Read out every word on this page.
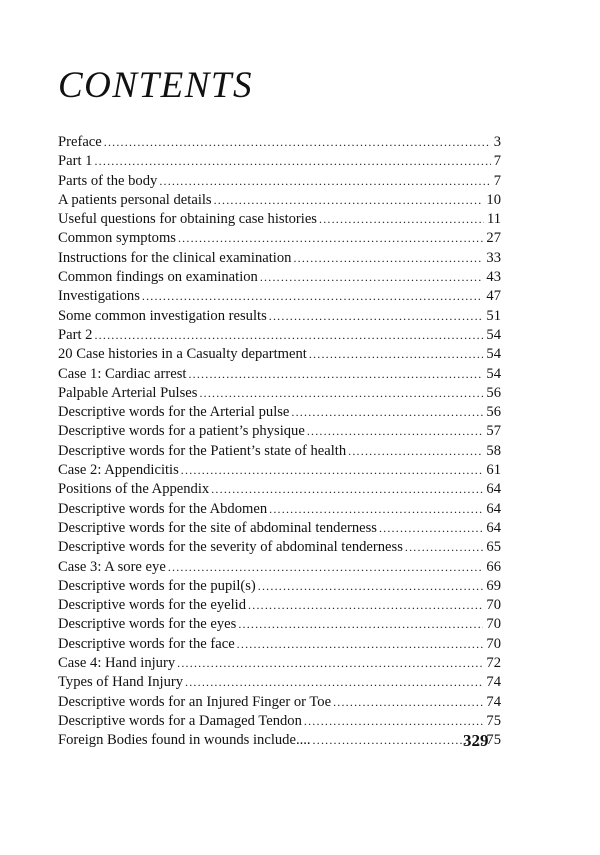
CONTENTS
Preface .....	3
Part 1 .....	7
Parts of the body .....	7
A patients personal details .....	10
Useful questions for obtaining case histories .....	11
Common symptoms .....	27
Instructions for the clinical examination .....	33
Common findings on examination .....	43
Investigations .....	47
Some common investigation results .....	51
Part 2 .....	54
20 Case histories in a Casualty department .....	54
Case 1: Cardiac arrest .....	54
Palpable Arterial Pulses .....	56
Descriptive words for the Arterial pulse .....	56
Descriptive words for a patient’s physique .....	57
Descriptive words for the Patient’s state of health .....	58
Case 2: Appendicitis .....	61
Positions of the Appendix .....	64
Descriptive words for the Abdomen .....	64
Descriptive words for the site of abdominal tenderness .....	64
Descriptive words for the severity of abdominal tenderness .....	65
Case 3: A sore eye .....	66
Descriptive words for the pupil(s) .....	69
Descriptive words for the eyelid .....	70
Descriptive words for the eyes .....	70
Descriptive words for the face .....	70
Case 4: Hand injury .....	72
Types of Hand Injury .....	74
Descriptive words for an Injured Finger or Toe .....	74
Descriptive words for a Damaged Tendon .....	75
Foreign Bodies found in wounds include.... .....	75
329
